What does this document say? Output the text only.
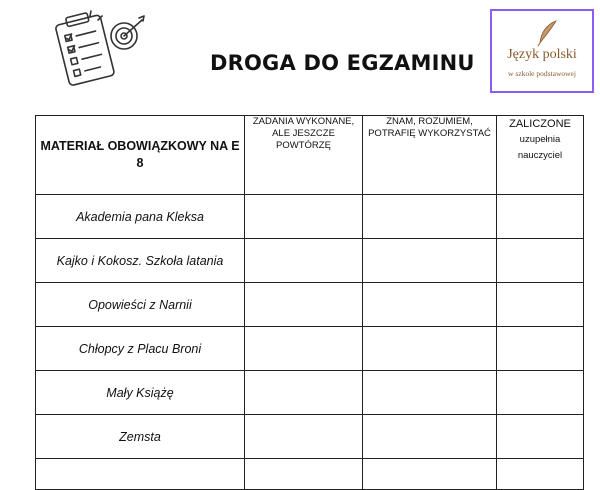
DROGA DO EGZAMINU	Język polski
w szkole podstawowej
MATERIAŁ OBOWIĄZKOWY NA E 8	ZADANIA WYKONANE, ALE JESZCZE POWTÓRZĘ	ZNAM, ROZUMIEM, POTRAFIĘ WYKORZYSTAĆ	ZALICZONE
uzupełnia nauczyciel

Akademia pana Kleksa			
Kajko i Kokosz. Szkoła latania			
Opowieści z Narnii			
Chłopcy z Placu Broni			
Mały Książę			
Zemsta			
